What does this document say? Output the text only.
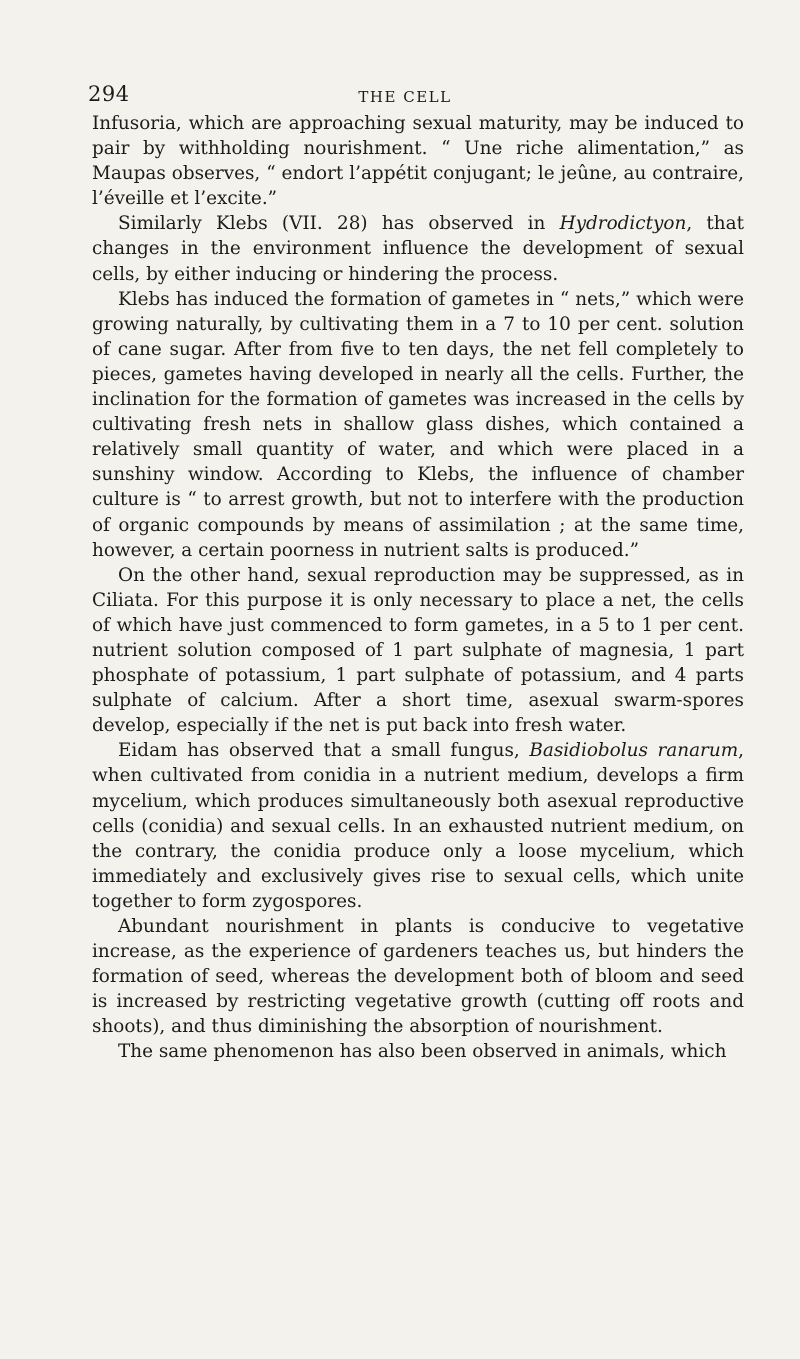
294	THE CELL

Infusoria, which are approaching sexual maturity, may be induced to pair by withholding nourishment. “ Une riche alimentation,” as Maupas observes, “ endort l’appétit conjugant; le jeûne, au contraire, l’éveille et l’excite.”

Similarly Klebs (VII. 28) has observed in Hydrodictyon, that changes in the environment influence the development of sexual cells, by either inducing or hindering the process.

Klebs has induced the formation of gametes in “ nets,” which were growing naturally, by cultivating them in a 7 to 10 per cent. solution of cane sugar. After from five to ten days, the net fell completely to pieces, gametes having developed in nearly all the cells. Further, the inclination for the formation of gametes was increased in the cells by cultivating fresh nets in shallow glass dishes, which contained a relatively small quantity of water, and which were placed in a sunshiny window. According to Klebs, the influence of chamber culture is “ to arrest growth, but not to interfere with the production of organic compounds by means of assimilation ; at the same time, however, a certain poorness in nutrient salts is produced.”

On the other hand, sexual reproduction may be suppressed, as in Ciliata. For this purpose it is only necessary to place a net, the cells of which have just commenced to form gametes, in a 5 to 1 per cent. nutrient solution composed of 1 part sulphate of magnesia, 1 part phosphate of potassium, 1 part sulphate of potassium, and 4 parts sulphate of calcium. After a short time, asexual swarm-spores develop, especially if the net is put back into fresh water.

Eidam has observed that a small fungus, Basidiobolus ranarum, when cultivated from conidia in a nutrient medium, develops a firm mycelium, which produces simultaneously both asexual reproductive cells (conidia) and sexual cells. In an exhausted nutrient medium, on the contrary, the conidia produce only a loose mycelium, which immediately and exclusively gives rise to sexual cells, which unite together to form zygospores.

Abundant nourishment in plants is conducive to vegetative increase, as the experience of gardeners teaches us, but hinders the formation of seed, whereas the development both of bloom and seed is increased by restricting vegetative growth (cutting off roots and shoots), and thus diminishing the absorption of nourishment.

The same phenomenon has also been observed in animals, which
